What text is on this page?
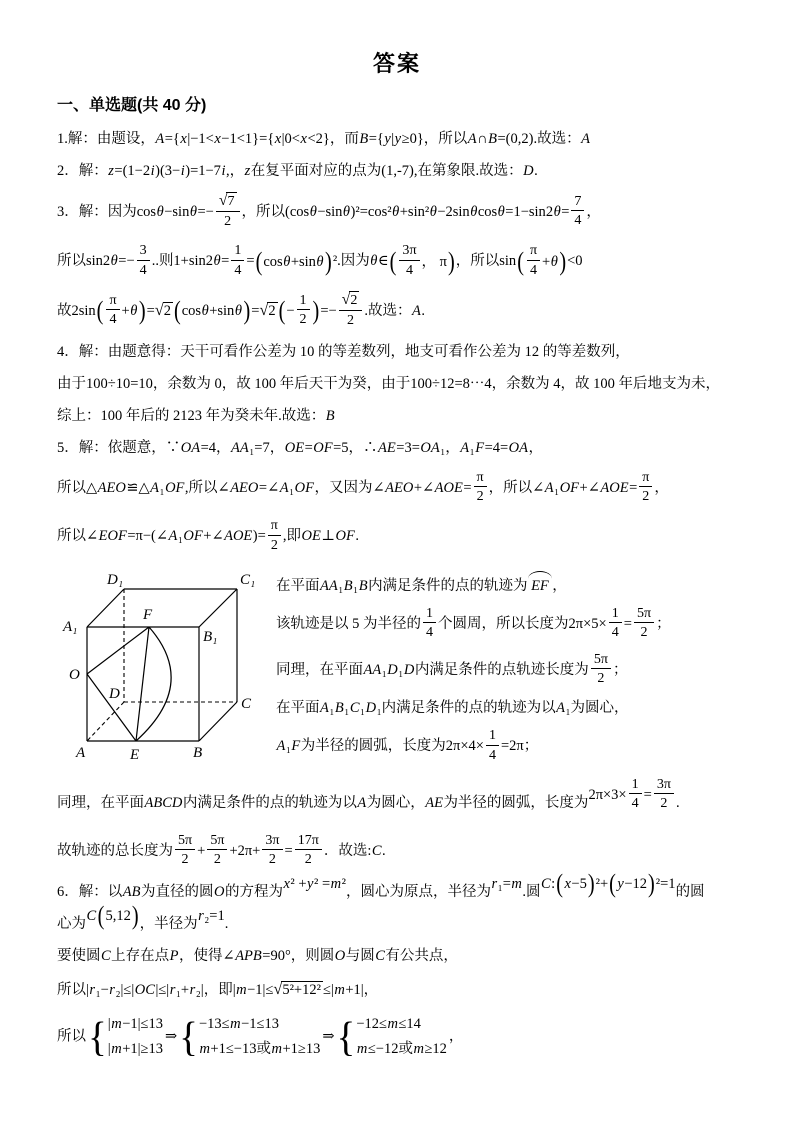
答案
一、单选题(共 40 分)
1.解：由题设，A={x|−1<x−1<1}={x|0<x<2}，而B={y|y≥0}，所以A∩B=(0,2).故选：A
2．解：z=(1−2i)(3−i)=1−7i,，z在复平面对应的点为(1,-7),在第象限.故选：D.
3．解：因为$\cos\theta-\sin\theta=- \frac{√7}{2}$ ，所以$(\cos\theta-\sin\theta)^2=\cos^2\theta+\sin^2\theta-2\sin\theta\cos\theta=1-\sin 2\theta= \frac{7}{4}$ ，
所以$\sin 2\theta=- \frac{3}{4}$ ..则$1+\sin 2\theta= \frac{1}{4}$ = ( cos θ +sin θ ) ².因为θ∈ ( $\frac{3\pi}{4}$ ， π ) ，所以sin ( $\frac{\pi}{4} + \theta$ ) <0
故2sin ( $\frac{\pi}{4} + \theta$ ) =√2 ( cos θ +sin θ ) =√2 ( − $\frac{1}{2}$ ) =− $\frac{√2}{2}$ .故选：A.
4．解：由题意得：天干可看作公差为 10 的等差数列，地支可看作公差为 12 的等差数列，
由于100÷10=10，余数为 0，故 100 年后天干为癸，由于100÷12=8⋯4，余数为 4，故 100 年后地支为未，
综上：100 年后的 2123 年为癸未年.故选：B
5．解：依题意，∵OA=4，AA₁=7，OE=OF=5，∴AE=3=OA₁，A₁F=4=OA，
所以△AEO≌△A₁OF,所以∠AEO=∠A₁OF，又因为∠AEO+∠AOE= $\frac{\pi}{2}$ ，所以∠A₁OF+∠AOE= $\frac{\pi}{2}$ ，
所以∠EOF=π−(∠A₁OF+∠AOE)= $\frac{\pi}{2}$ ,即OE⊥OF.
D₁	C₁
A₁
F
B₁
O
D
C
A	E	B
在平面AA₁B₁B内满足条件的点的轨迹为 EF ，
该轨迹是以 5 为半径的 $\frac{1}{4}$ 个圆周，所以长度为$2\pi\times 5\times \frac{1}{4} = \frac{5\pi}{2}$ ；
同理，在平面AA₁D₁D内满足条件的点轨迹长度为 $\frac{5\pi}{2}$ ；
在平面A₁B₁C₁D₁内满足条件的点的轨迹为以A₁为圆心，
A₁F为半径的圆弧，长度为$2\pi\times 4\times \frac{1}{4} =2\pi$；
同理，在平面ABCD内满足条件的点的轨迹为以A为圆心，AE为半径的圆弧，长度为$2\pi\times 3\times \frac{1}{4} = \frac{3\pi}{2}$ .
故轨迹的总长度为 $\frac{5\pi}{2} + \frac{5\pi}{2} +2\pi+ \frac{3\pi}{2} = \frac{17\pi}{2}$ ．故选:C.
6．解：以AB为直径的圆O的方程为 x ² + y ² = m ²，圆心为原点，半径为 r ₁= m .圆 C : ( x −5 ) ²+ ( y −12 ) ²=1的圆
心为 C ( 5,12 ) ，半径为 r ₂=1.
要使圆C上存在点P，使得∠APB=90°，则圆O与圆C有公共点，
所以|r₁−r₂|≤|OC|≤|r₁+r₂|，即|m−1|≤√5²+12² ≤|m+1|，
所以 { |m−1|≤13
|m+1|≥13
⇒ { −13≤m−1≤13
m+1≤−13或m+1≥13
⇒ { −12≤m≤14
m≤−12或m≥12
，
